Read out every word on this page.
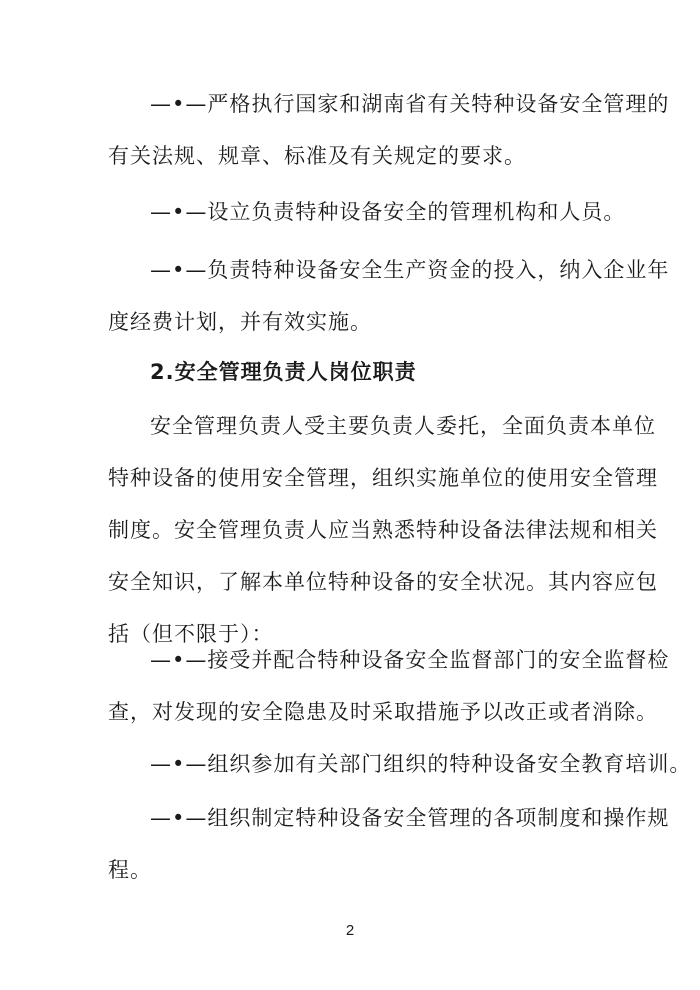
—•—严格执行国家和湖南省有关特种设备安全管理的
有关法规、规章、标准及有关规定的要求。
—•—设立负责特种设备安全的管理机构和人员。
—•—负责特种设备安全生产资金的投入，纳入企业年
度经费计划，并有效实施。
2.安全管理负责人岗位职责
安全管理负责人受主要负责人委托，全面负责本单位
特种设备的使用安全管理，组织实施单位的使用安全管理
制度。安全管理负责人应当熟悉特种设备法律法规和相关
安全知识，了解本单位特种设备的安全状况。其内容应包
括（但不限于）：
—•—接受并配合特种设备安全监督部门的安全监督检
查，对发现的安全隐患及时采取措施予以改正或者消除。
—•—组织参加有关部门组织的特种设备安全教育培训。
—•—组织制定特种设备安全管理的各项制度和操作规
程。
2
